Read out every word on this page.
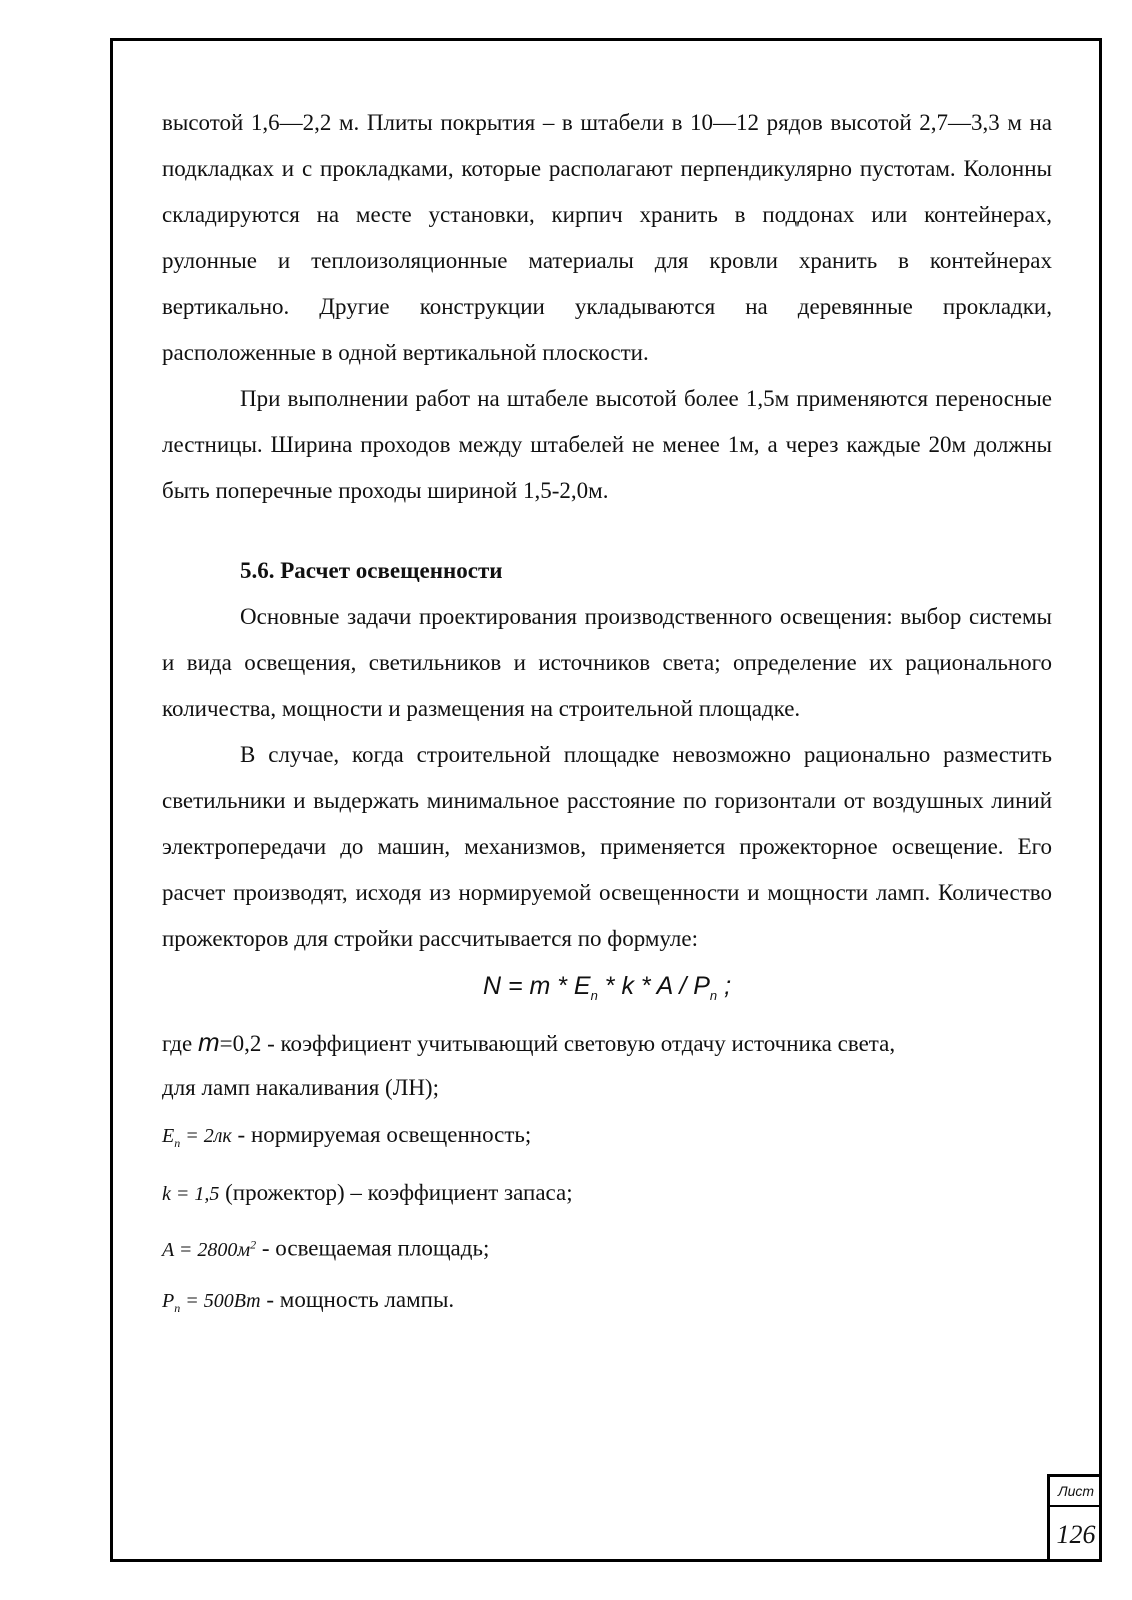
высотой 1,6—2,2 м. Плиты покрытия – в штабели в 10—12 рядов высотой 2,7—3,3 м на подкладках и с прокладками, которые располагают перпендикулярно пустотам. Колонны складируются на месте установки, кирпич хранить в поддонах или контейнерах, рулонные и теплоизоляционные материалы для кровли хранить в контейнерах вертикально. Другие конструкции укладываются на деревянные прокладки, расположенные в одной вертикальной плоскости.

При выполнении работ на штабеле высотой более 1,5м применяются переносные лестницы. Ширина проходов между штабелей не менее 1м, а через каждые 20м должны быть поперечные проходы шириной 1,5-2,0м.

5.6. Расчет освещенности

Основные задачи проектирования производственного освещения: выбор системы и вида освещения, светильников и источников света; определение их рационального количества, мощности и размещения на строительной площадке.

В случае, когда строительной площадке невозможно рационально разместить светильники и выдержать минимальное расстояние по горизонтали от воздушных линий электропередачи до машин, механизмов, применяется прожекторное освещение. Его расчет производят, исходя из нормируемой освещенности и мощности ламп. Количество прожекторов для стройки рассчитывается по формуле:

$N = m * E_n * k * A / P_n$ ;

где m=0,2 - коэффициент учитывающий световую отдачу источника света,

для ламп накаливания (ЛН);

$E_n = 2лк$ - нормируемая освещенность;

k = 1,5 (прожектор) – коэффициент запаса;

$A = 2800м^2$ - освещаемая площадь;

$P_n = 500Вт$ - мощность лампы.

Лист
126
